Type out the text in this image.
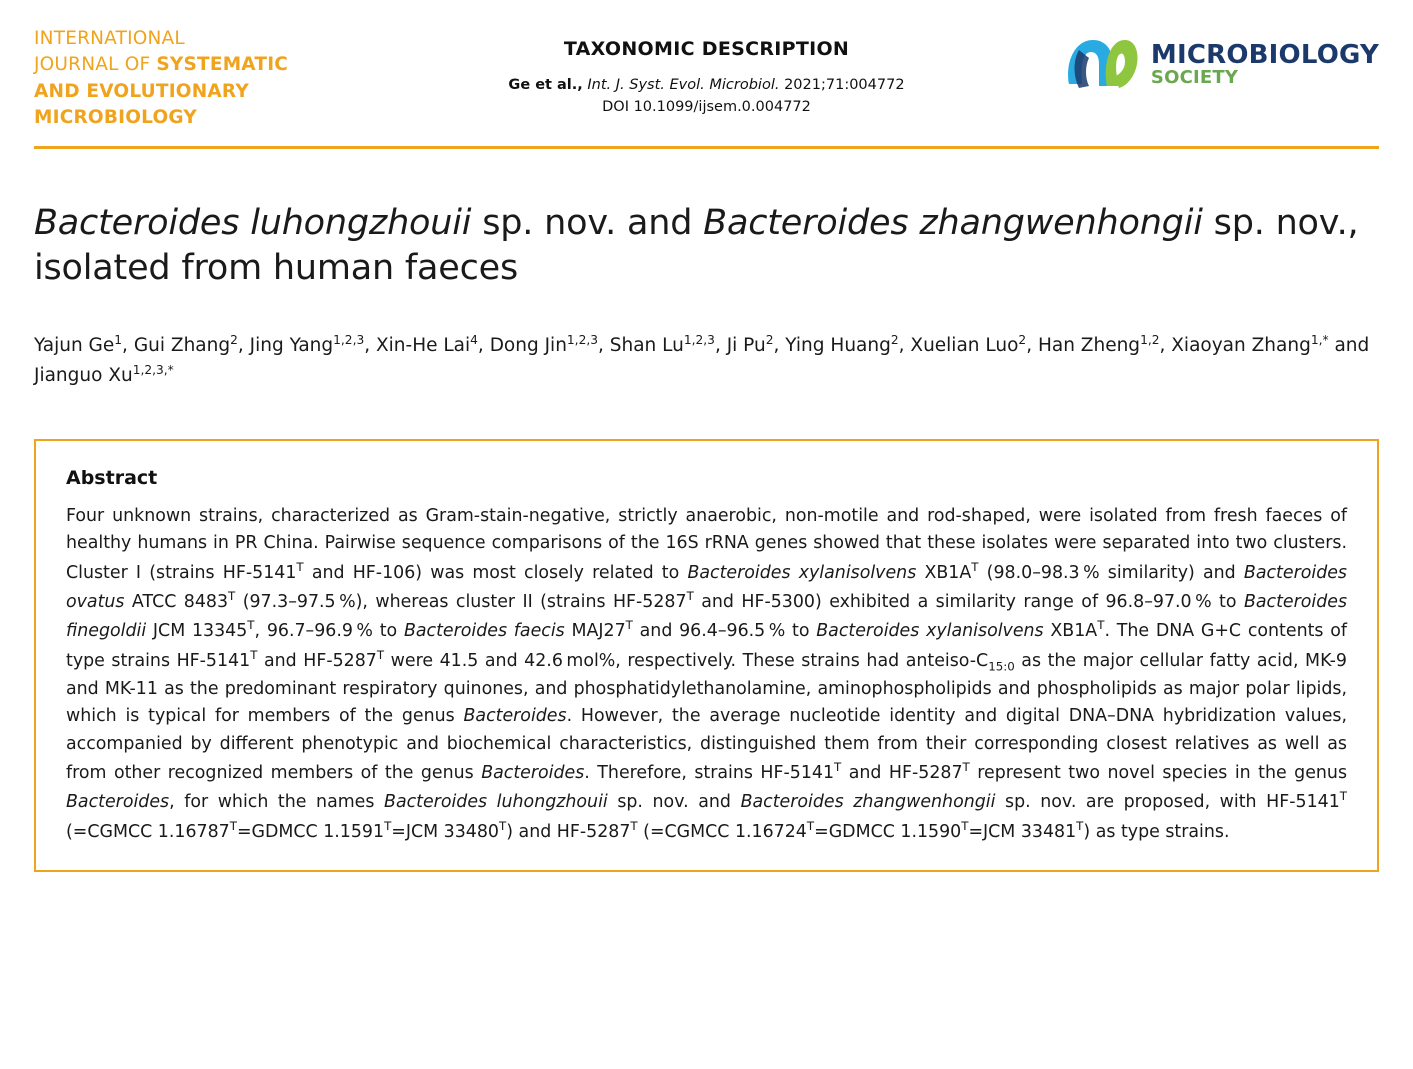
INTERNATIONAL
JOURNAL OF SYSTEMATIC
AND EVOLUTIONARY
MICROBIOLOGY
TAXONOMIC DESCRIPTION
Ge et al., Int. J. Syst. Evol. Microbiol. 2021;71:004772
DOI 10.1099/ijsem.0.004772
MICROBIOLOGY
SOCIETY
Bacteroides luhongzhouii sp. nov. and Bacteroides zhangwenhongii sp. nov., isolated from human faeces
Yajun Ge$^1$, Gui Zhang$^2$, Jing Yang$^{1,2,3}$, Xin-He Lai$^4$, Dong Jin$^{1,2,3}$, Shan Lu$^{1,2,3}$, Ji Pu$^2$, Ying Huang$^2$, Xuelian Luo$^2$, Han Zheng$^{1,2}$, Xiaoyan Zhang$^{1,*}$ and Jianguo $Xu^{1,2,3,*}$
Abstract
Four unknown strains, characterized as Gram-stain-negative, strictly anaerobic, non-motile and rod-shaped, were isolated from fresh faeces of healthy humans in PR China. Pairwise sequence comparisons of the 16S rRNA genes showed that these isolates were separated into two clusters. Cluster I (strains $HF-5141^T$ and HF-106) was most closely related to Bacteroides xylanisolvens $XB1A^T$ (98.0–98.3 % similarity) and Bacteroides ovatus ATCC $8483^T$ (97.3–97.5 %), whereas cluster II (strains $HF-5287^T$ and HF-5300) exhibited a similarity range of 96.8–97.0 % to Bacteroides finegoldii JCM $13345^T$, 96.7–96.9 % to Bacteroides faecis $MAJ27^T$ and 96.4–96.5 % to Bacteroides xylanisolvens $XB1A^T$. The DNA G+C contents of type strains $HF-5141^T$ and $HF-5287^T$ were 41.5 and 42.6 mol%, respectively. These strains had anteiso-$C_{15:0}$ as the major cellular fatty acid, MK-9 and MK-11 as the predominant respiratory quinones, and phosphatidylethanolamine, aminophospholipids and phospholipids as major polar lipids, which is typical for members of the genus Bacteroides. However, the average nucleotide identity and digital DNA–DNA hybridization values, accompanied by different phenotypic and biochemical characteristics, distinguished them from their corresponding closest relatives as well as from other recognized members of the genus Bacteroides. Therefore, strains $HF-5141^T$ and $HF-5287^T$ represent two novel species in the genus Bacteroides, for which the names Bacteroides luhongzhouii sp. nov. and Bacteroides zhangwenhongii sp. nov. are proposed, with $HF-5141^T$ (=CGMCC $1.16787^T=GDMCC$ $1.1591^T=JCM$ $33480^T$) and $HF-5287^T$ (=CGMCC $1.16724^T=GDMCC$ $1.1590^T=JCM$ $33481^T$) as type strains.
